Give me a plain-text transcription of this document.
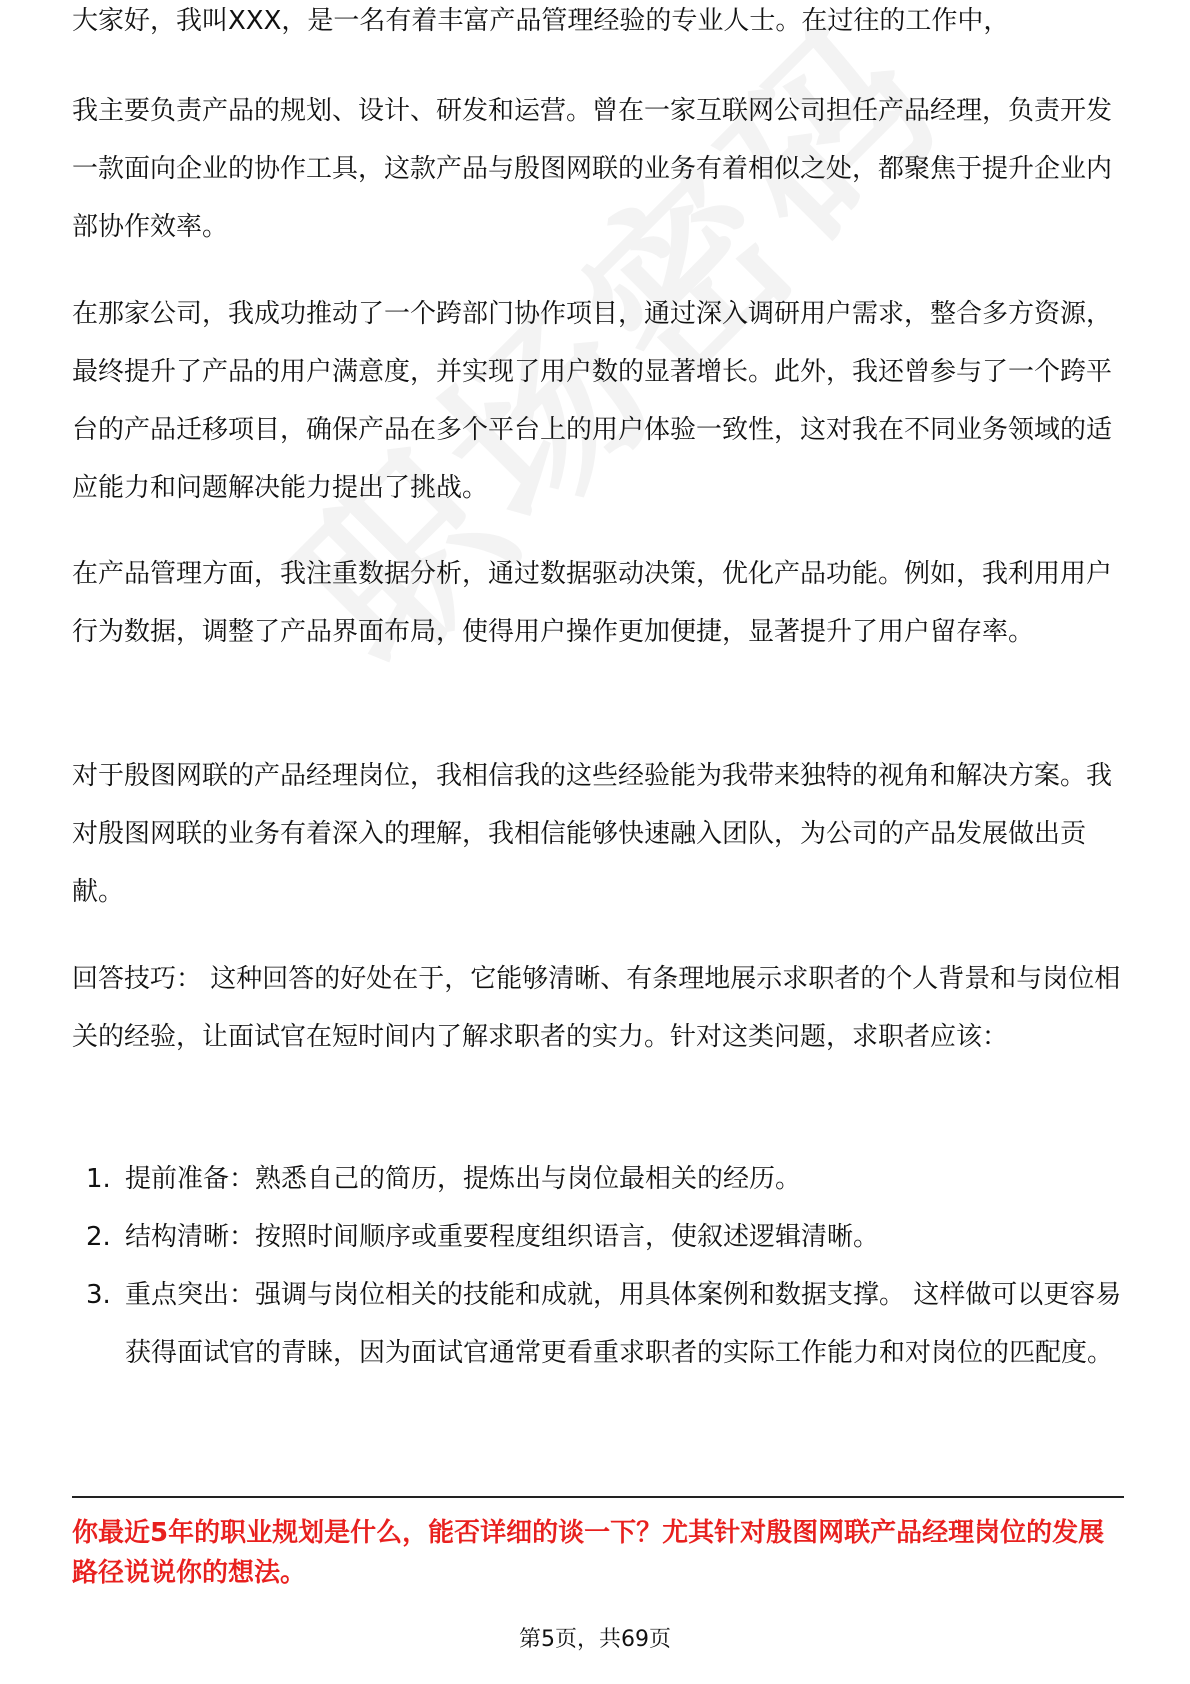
大家好，我叫XXX，是一名有着丰富产品管理经验的专业人士。在过往的工作中，

我主要负责产品的规划、设计、研发和运营。曾在一家互联网公司担任产品经理，负责开发一款面向企业的协作工具，这款产品与殷图网联的业务有着相似之处，都聚焦于提升企业内部协作效率。

在那家公司，我成功推动了一个跨部门协作项目，通过深入调研用户需求，整合多方资源，最终提升了产品的用户满意度，并实现了用户数的显著增长。此外，我还曾参与了一个跨平台的产品迁移项目，确保产品在多个平台上的用户体验一致性，这对我在不同业务领域的适应能力和问题解决能力提出了挑战。

在产品管理方面，我注重数据分析，通过数据驱动决策，优化产品功能。例如，我利用用户行为数据，调整了产品界面布局，使得用户操作更加便捷，显著提升了用户留存率。

对于殷图网联的产品经理岗位，我相信我的这些经验能为我带来独特的视角和解决方案。我对殷图网联的业务有着深入的理解，我相信能够快速融入团队，为公司的产品发展做出贡献。

回答技巧： 这种回答的好处在于，它能够清晰、有条理地展示求职者的个人背景和与岗位相关的经验，让面试官在短时间内了解求职者的实力。针对这类问题，求职者应该：

1. 提前准备：熟悉自己的简历，提炼出与岗位最相关的经历。
2. 结构清晰：按照时间顺序或重要程度组织语言，使叙述逻辑清晰。
3. 重点突出：强调与岗位相关的技能和成就，用具体案例和数据支撑。 这样做可以更容易获得面试官的青睐，因为面试官通常更看重求职者的实际工作能力和对岗位的匹配度。

你最近5年的职业规划是什么，能否详细的谈一下？尤其针对殷图网联产品经理岗位的发展路径说说你的想法。

第5页，共69页
